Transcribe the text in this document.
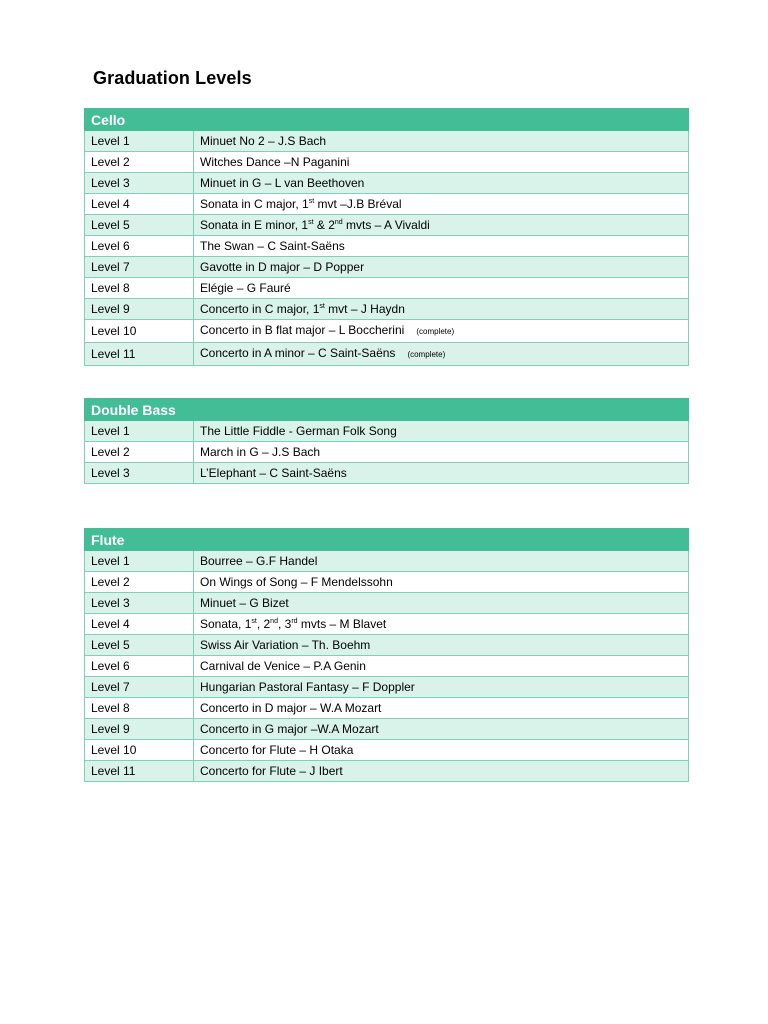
Graduation Levels
Cello	
Level 1	Minuet No 2 – J.S Bach
Level 2	Witches Dance –N Paganini
Level 3	Minuet in G – L van Beethoven
Level 4	Sonata in C major, 1st mvt –J.B Bréval
Level 5	Sonata in E minor, 1st & 2nd mvts – A Vivaldi
Level 6	The Swan – C Saint-Saëns
Level 7	Gavotte in D major – D Popper
Level 8	Elégie – G Fauré
Level 9	Concerto in C major, 1st mvt – J Haydn
Level 10	Concerto in B flat major – L Boccherini (complete)
Level 11	Concerto in A minor – C Saint-Saëns (complete)
Double Bass	
Level 1	The Little Fiddle - German Folk Song
Level 2	March in G – J.S Bach
Level 3	L’Elephant – C Saint-Saëns
Flute	
Level 1	Bourree – G.F Handel
Level 2	On Wings of Song – F Mendelssohn
Level 3	Minuet – G Bizet
Level 4	Sonata, 1st, 2nd, 3rd mvts – M Blavet
Level 5	Swiss Air Variation – Th. Boehm
Level 6	Carnival de Venice – P.A Genin
Level 7	Hungarian Pastoral Fantasy – F Doppler
Level 8	Concerto in D major – W.A Mozart
Level 9	Concerto in G major –W.A Mozart
Level 10	Concerto for Flute – H Otaka
Level 11	Concerto for Flute – J Ibert
